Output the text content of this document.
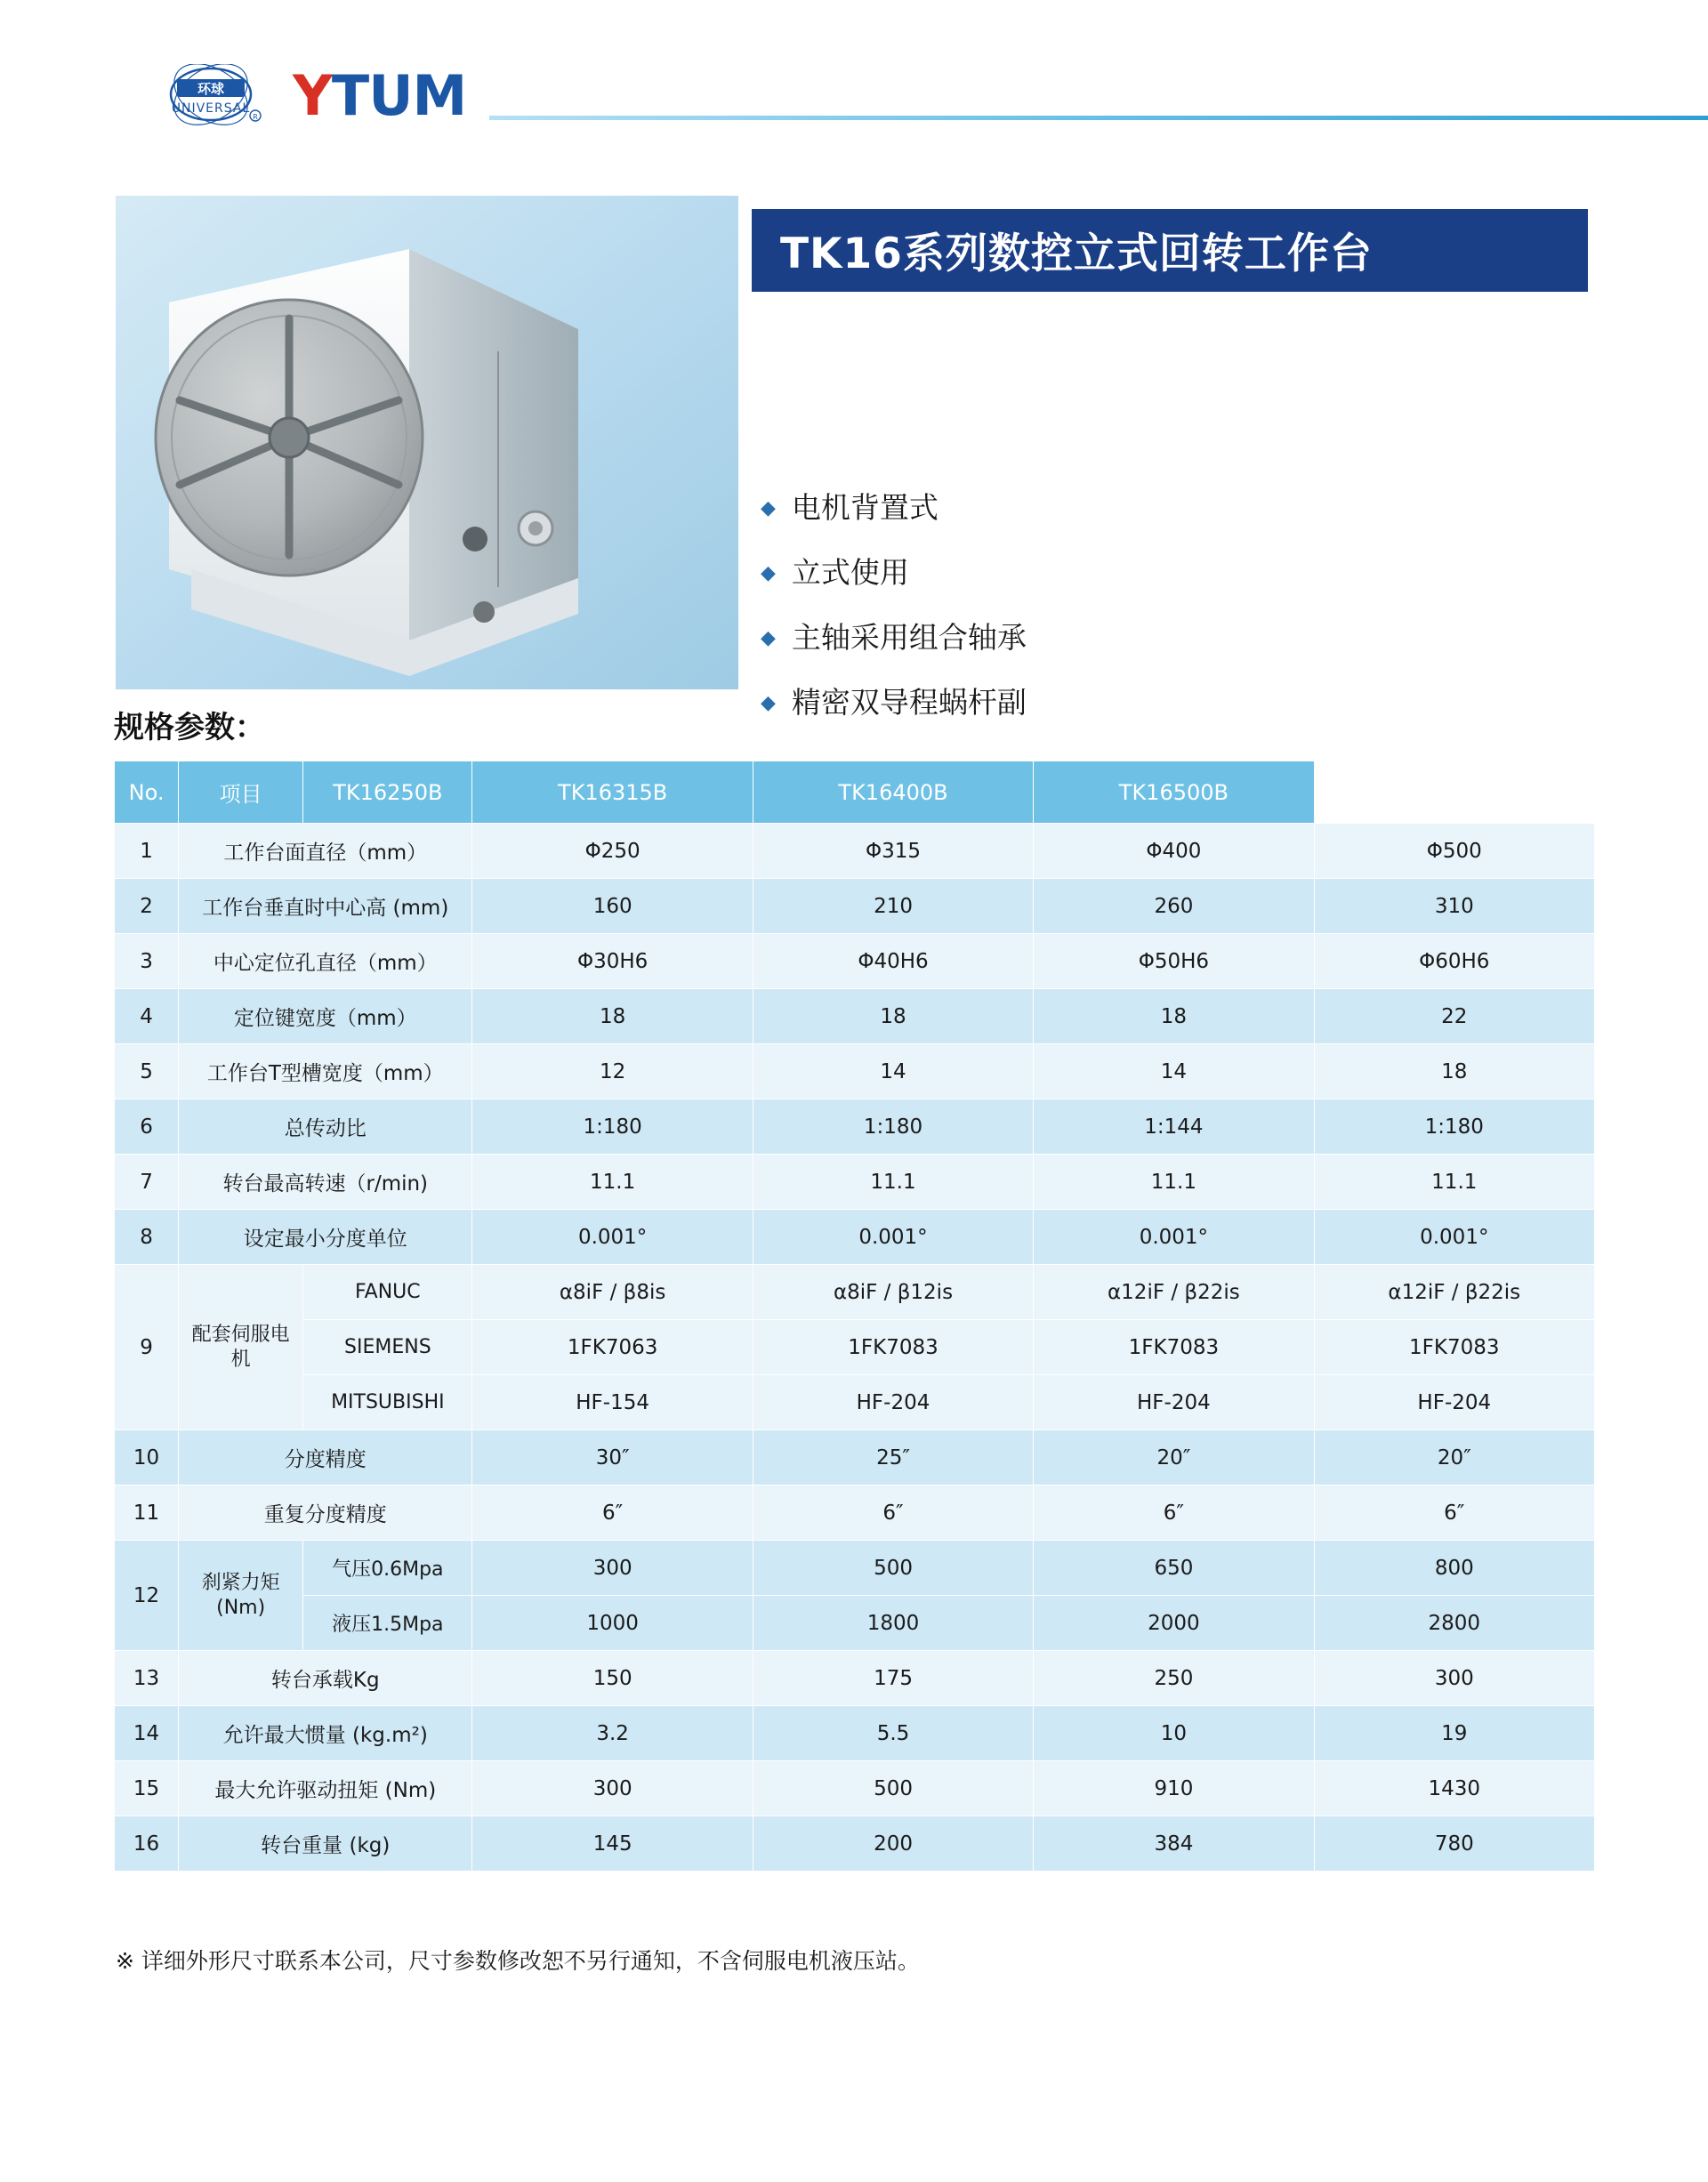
环球
UNIVERSAL
R YTUM
TK16系列数控立式回转工作台
◆ 电机背置式
◆ 立式使用
◆ 主轴采用组合轴承
◆ 精密双导程蜗杆副
规格参数：
No.	项目	TK16250B	TK16315B	TK16400B	TK16500B	
1	工作台面直径（mm）		Φ250	Φ315	Φ400	Φ500
2	工作台垂直时中心高 (mm)		160	210	260	310
3	中心定位孔直径（mm）		Φ30H6	Φ40H6	Φ50H6	Φ60H6
4	定位键宽度（mm）		18	18	18	22
5	工作台T型槽宽度（mm）		12	14	14	18
6	总传动比		1:180	1:180	1:144	1:180
7	转台最高转速（r/min)		11.1	11.1	11.1	11.1
8	设定最小分度单位		0.001°	0.001°	0.001°	0.001°
9	配套伺服电机	FANUC	α8iF / β8is	α8iF / β12is	α12iF / β22is	α12iF / β22is
		SIEMENS	1FK7063	1FK7083	1FK7083	1FK7083
		MITSUBISHI	HF-154	HF-204	HF-204	HF-204
10	分度精度		30″	25″	20″	20″
11	重复分度精度		6″	6″	6″	6″
12	刹紧力矩 (Nm)	气压0.6Mpa	300	500	650	800
		液压1.5Mpa	1000	1800	2000	2800
13	转台承载Kg		150	175	250	300
14	允许最大惯量 (kg.m²)		3.2	5.5	10	19
15	最大允许驱动扭矩 (Nm)		300	500	910	1430
16	转台重量 (kg)		145	200	384	780
※ 详细外形尺寸联系本公司，尺寸参数修改恕不另行通知，不含伺服电机液压站。
